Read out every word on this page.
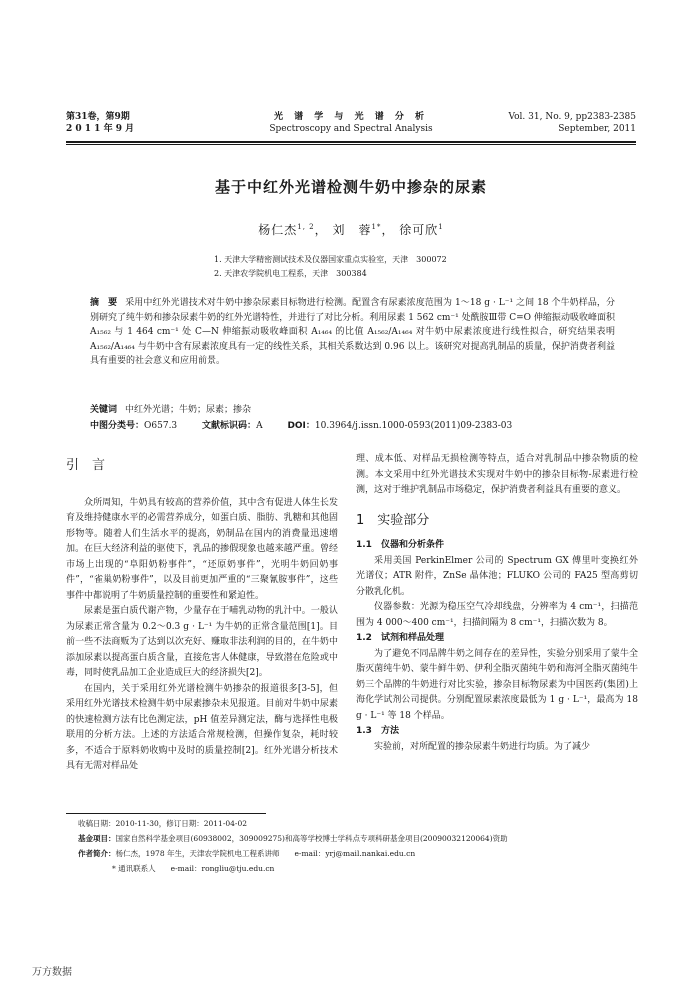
第31卷，第9期
2 0 1 1 年 9 月
光 谱 学 与 光 谱 分 析
Spectroscopy and Spectral Analysis
Vol. 31, No. 9, pp2383-2385
September, 2011
基于中红外光谱检测牛奶中掺杂的尿素
杨仁杰$^{1, 2}$， 刘　蓉$^{1*}$， 徐可欣$^1$
1. 天津大学精密测试技术及仪器国家重点实验室，天津　300072
2. 天津农学院机电工程系，天津　300384
摘　要 采用中红外光谱技术对牛奶中掺杂尿素目标物进行检测。配置含有尿素浓度范围为 1～18 g · L⁻¹ 之间 18 个牛奶样品，分别研究了纯牛奶和掺杂尿素牛奶的红外光谱特性，并进行了对比分析。利用尿素 1 562 cm⁻¹ 处酰胺Ⅲ带 C=O 伸缩振动吸收峰面积 A₁₅₆₂ 与 1 464 cm⁻¹ 处 C—N 伸缩振动吸收峰面积 A₁₄₆₄ 的比值 A₁₅₆₂/A₁₄₆₄ 对牛奶中尿素浓度进行线性拟合，研究结果表明 A₁₅₆₂/A₁₄₆₄ 与牛奶中含有尿素浓度具有一定的线性关系，其相关系数达到 0.96 以上。该研究对提高乳制品的质量，保护消费者利益具有重要的社会意义和应用前景。
关键词 中红外光谱；牛奶；尿素；掺杂
中图分类号：O657.3	文献标识码：A	DOI：10.3964/j.issn.1000-0593(2011)09-2383-03
引　言

众所周知，牛奶具有较高的营养价值，其中含有促进人体生长发育及维持健康水平的必需营养成分，如蛋白质、脂肪、乳糖和其他固形物等。随着人们生活水平的提高，奶制品在国内的消费量迅速增加。在巨大经济利益的驱使下，乳品的掺假现象也越来越严重。曾经市场上出现的“阜阳奶粉事件”，“还原奶事件”，光明牛奶回奶事件”，“雀巢奶粉事件”，以及目前更加严重的“三聚氰胺事件”，这些事件中都说明了牛奶质量控制的重要性和紧迫性。

尿素是蛋白质代谢产物，少量存在于哺乳动物的乳汁中。一般认为尿素正常含量为 0.2～0.3 g · L⁻¹ 为牛奶的正常含量范围[1]。目前一些不法商贩为了达到以次充好、赚取非法利润的目的，在牛奶中添加尿素以提高蛋白质含量，直接危害人体健康，导致潜在危险或中毒，同时使乳品加工企业造成巨大的经济损失[2]。

在国内，关于采用红外光谱检测牛奶掺杂的报道很多[3-5]，但采用红外光谱技术检测牛奶中尿素掺杂未见报道。目前对牛奶中尿素的快速检测方法有比色测定法，pH 值差异测定法，酶与选择性电极联用的分析方法。上述的方法适合常规检测，但操作复杂，耗时较多，不适合于原料奶收购中及时的质量控制[2]。红外光谱分析技术具有无需对样品处

理、成本低、对样品无损检测等特点，适合对乳制品中掺杂物质的检测。本文采用中红外光谱技术实现对牛奶中的掺杂目标物-尿素进行检测，这对于维护乳制品市场稳定，保护消费者利益具有重要的意义。
1　实验部分
1.1　仪器和分析条件

采用美国 PerkinElmer 公司的 Spectrum GX 傅里叶变换红外光谱仪；ATR 附件，ZnSe 晶体池；FLUKO 公司的 FA25 型高剪切分散乳化机。

仪器参数：光源为稳压空气冷却线盘，分辨率为 4 cm⁻¹，扫描范围为 4 000～400 cm⁻¹，扫描间隔为 8 cm⁻¹，扫描次数为 8。

1.2　试剂和样品处理

为了避免不同品牌牛奶之间存在的差异性，实验分别采用了蒙牛全脂灭菌纯牛奶、蒙牛鲜牛奶、伊利全脂灭菌纯牛奶和海河全脂灭菌纯牛奶三个品牌的牛奶进行对比实验，掺杂目标物尿素为中国医药(集团)上海化学试剂公司提供。分别配置尿素浓度最低为 1 g · L⁻¹，最高为 18 g · L⁻¹ 等 18 个样品。

1.3　方法

实验前，对所配置的掺杂尿素牛奶进行均质。为了减少

收稿日期：2010-11-30，修订日期：2011-04-02
基金项目：国家自然科学基金项目(60938002，309009275)和高等学校博士学科点专项科研基金项目(20090032120064)资助
作者简介：杨仁杰，1978 年生，天津农学院机电工程系讲师　　e-mail：yrj@mail.nankai.edu.cn
* 通讯联系人　　e-mail：rongliu@tju.edu.cn
万方数据
